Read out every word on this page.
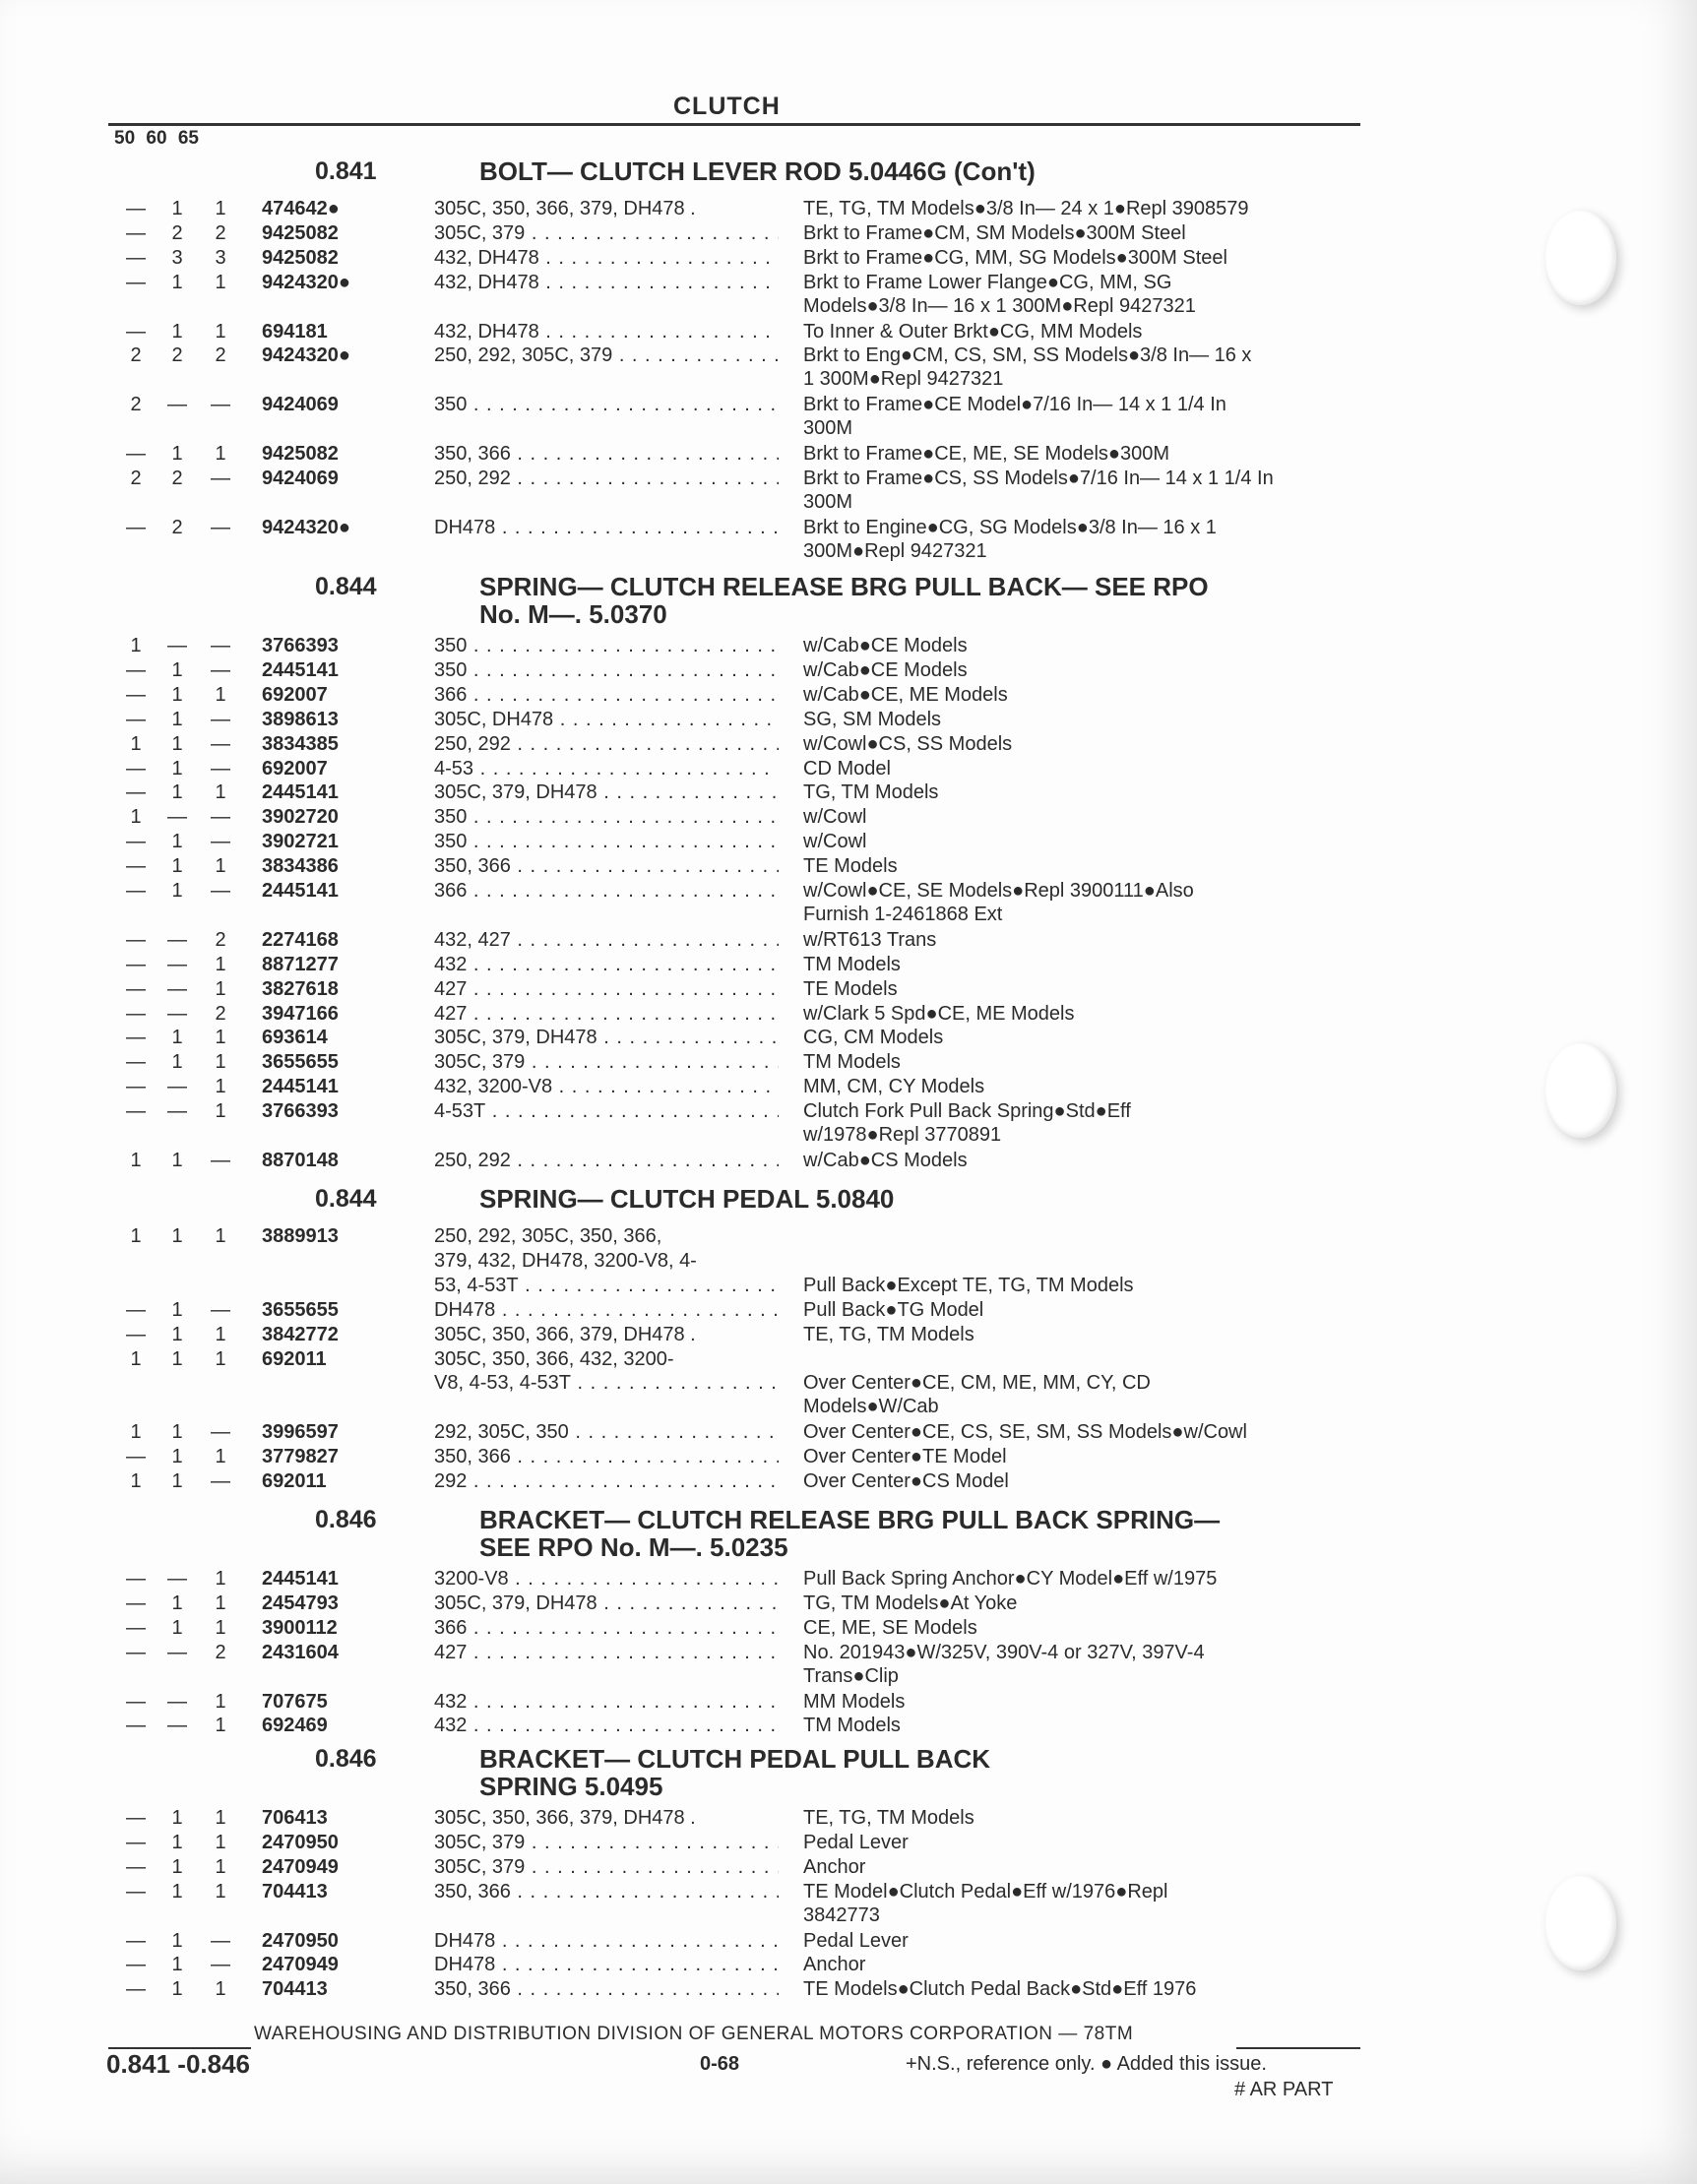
CLUTCH
50 60 65
0.841	BOLT— CLUTCH LEVER ROD 5.0446G (Con't)
—	1	1	474642●	305C, 350, 366, 379, DH478 .	TE, TG, TM Models●3/8 In— 24 x 1●Repl 3908579
—	2	2	9425082	305C, 379 . . .	Brkt to Frame●CM, SM Models●300M Steel
—	3	3	9425082	432, DH478 . . .	Brkt to Frame●CG, MM, SG Models●300M Steel
—	1	1	9424320●	432, DH478 . . .	Brkt to Frame Lower Flange●CG, MM, SG
Models●3/8 In— 16 x 1 300M●Repl 9427321
—	1	1	694181	432, DH478 . . .	To Inner & Outer Brkt●CG, MM Models
2	2	2	9424320●	250, 292, 305C, 379 . . .	Brkt to Eng●CM, CS, SM, SS Models●3/8 In— 16 x
1 300M●Repl 9427321
2	— — 9424069	350 . . .	Brkt to Frame●CE Model●7/16 In— 14 x 1 1/4 In
300M
—	1	1	9425082	350, 366 . . .	Brkt to Frame●CE, ME, SE Models●300M
2	2	— 9424069	250, 292 . . .	Brkt to Frame●CS, SS Models●7/16 In— 14 x 1 1/4 In
300M
—	2	— 9424320●	DH478 . . .	Brkt to Engine●CG, SG Models●3/8 In— 16 x 1
300M●Repl 9427321
0.844	SPRING— CLUTCH RELEASE BRG PULL BACK— SEE RPO
No. M—. 5.0370
1	— — 3766393	350 . . .	w/Cab●CE Models
—	1	— 2445141	350 . . .	w/Cab●CE Models
—	1	1	692007	366 . . .	w/Cab●CE, ME Models
—	1	— 3898613	305C, DH478 . . .	SG, SM Models
1	1	— 3834385	250, 292 . . .	w/Cowl●CS, SS Models
—	1	— 692007	4-53 . . .	CD Model
—	1	1	2445141	305C, 379, DH478 . . .	TG, TM Models
1	— — 3902720	350 . . .	w/Cowl
—	1	— 3902721	350 . . .	w/Cowl
—	1	1	3834386	350, 366 . . .	TE Models
—	1	— 2445141	366 . . .	w/Cowl●CE, SE Models●Repl 3900111●Also
Furnish 1-2461868 Ext
— —	2	2274168	432, 427 . . .	w/RT613 Trans
— —	1	8871277	432 . . .	TM Models
— —	1	3827618	427 . . .	TE Models
— —	2	3947166	427 . . .	w/Clark 5 Spd●CE, ME Models
—	1	1	693614	305C, 379, DH478 . . .	CG, CM Models
—	1	1	3655655	305C, 379 . . .	TM Models
— —	1	2445141	432, 3200-V8 . . .	MM, CM, CY Models
— —	1	3766393	4-53T . . .	Clutch Fork Pull Back Spring●Std●Eff
w/1978●Repl 3770891
1	1	— 8870148	250, 292 . . .	w/Cab●CS Models
0.844	SPRING— CLUTCH PEDAL 5.0840
1	1	1	3889913	250, 292, 305C, 350, 366,
379, 432, DH478, 3200-V8, 4-
53, 4-53T . . .	Pull Back●Except TE, TG, TM Models
—	1	— 3655655	DH478 . . .	Pull Back●TG Model
—	1	1	3842772	305C, 350, 366, 379, DH478 .	TE, TG, TM Models
1	1	1	692011	305C, 350, 366, 432, 3200-
V8, 4-53, 4-53T . . .	Over Center●CE, CM, ME, MM, CY, CD
Models●W/Cab
1	1	— 3996597	292, 305C, 350 . . .	Over Center●CE, CS, SE, SM, SS Models●w/Cowl
—	1	1	3779827	350, 366 . . .	Over Center●TE Model
1	1	— 692011	292 . . .	Over Center●CS Model
0.846	BRACKET— CLUTCH RELEASE BRG PULL BACK SPRING—
SEE RPO No. M—. 5.0235
— —	1	2445141	3200-V8 . . .	Pull Back Spring Anchor●CY Model●Eff w/1975
—	1	1	2454793	305C, 379, DH478 . . .	TG, TM Models●At Yoke
—	1	1	3900112	366 . . .	CE, ME, SE Models
— —	2	2431604	427 . . .	No. 201943●W/325V, 390V-4 or 327V, 397V-4
Trans●Clip
— —	1	707675	432 . . .	MM Models
— —	1	692469	432 . . .	TM Models
0.846	BRACKET— CLUTCH PEDAL PULL BACK
SPRING 5.0495
—	1	1	706413	305C, 350, 366, 379, DH478 .	TE, TG, TM Models
—	1	1	2470950	305C, 379 . . .	Pedal Lever
—	1	1	2470949	305C, 379 . . .	Anchor
—	1	1	704413	350, 366 . . .	TE Model●Clutch Pedal●Eff w/1976●Repl
3842773
—	1	— 2470950	DH478 . . .	Pedal Lever
—	1	— 2470949	DH478 . . .	Anchor
—	1	1	704413	350, 366 . . .	TE Models●Clutch Pedal Back●Std●Eff 1976
WAREHOUSING AND DISTRIBUTION DIVISION OF GENERAL MOTORS CORPORATION — 78TM
0.841 -0.846	0-68	+N.S., reference only. ● Added this issue.
# AR PART
